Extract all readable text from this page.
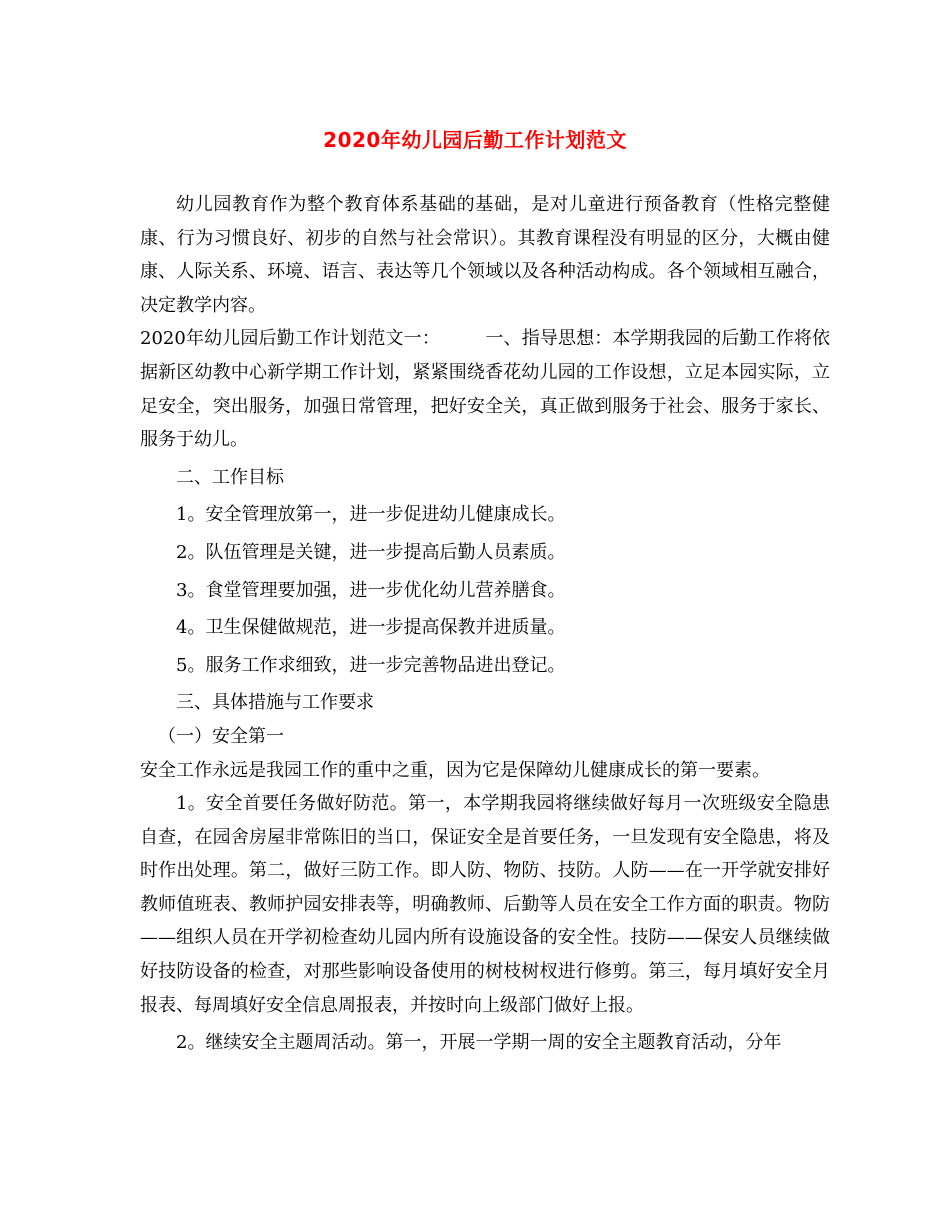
2020年幼儿园后勤工作计划范文

幼儿园教育作为整个教育体系基础的基础，是对儿童进行预备教育（性格完整健康、行为习惯良好、初步的自然与社会常识）。其教育课程没有明显的区分，大概由健康、人际关系、环境、语言、表达等几个领域以及各种活动构成。各个领域相互融合，决定教学内容。

2020年幼儿园后勤工作计划范文一：　　　一、指导思想：本学期我园的后勤工作将依据新区幼教中心新学期工作计划，紧紧围绕香花幼儿园的工作设想，立足本园实际，立足安全，突出服务，加强日常管理，把好安全关，真正做到服务于社会、服务于家长、服务于幼儿。

二、工作目标

1。安全管理放第一，进一步促进幼儿健康成长。

2。队伍管理是关键，进一步提高后勤人员素质。

3。食堂管理要加强，进一步优化幼儿营养膳食。

4。卫生保健做规范，进一步提高保教并进质量。

5。服务工作求细致，进一步完善物品进出登记。

三、具体措施与工作要求

（一）安全第一

安全工作永远是我园工作的重中之重，因为它是保障幼儿健康成长的第一要素。

1。安全首要任务做好防范。第一，本学期我园将继续做好每月一次班级安全隐患自查，在园舍房屋非常陈旧的当口，保证安全是首要任务，一旦发现有安全隐患，将及时作出处理。第二，做好三防工作。即人防、物防、技防。人防——在一开学就安排好教师值班表、教师护园安排表等，明确教师、后勤等人员在安全工作方面的职责。物防——组织人员在开学初检查幼儿园内所有设施设备的安全性。技防——保安人员继续做好技防设备的检查，对那些影响设备使用的树枝树杈进行修剪。第三，每月填好安全月报表、每周填好安全信息周报表，并按时向上级部门做好上报。

2。继续安全主题周活动。第一，开展一学期一周的安全主题教育活动，分年
